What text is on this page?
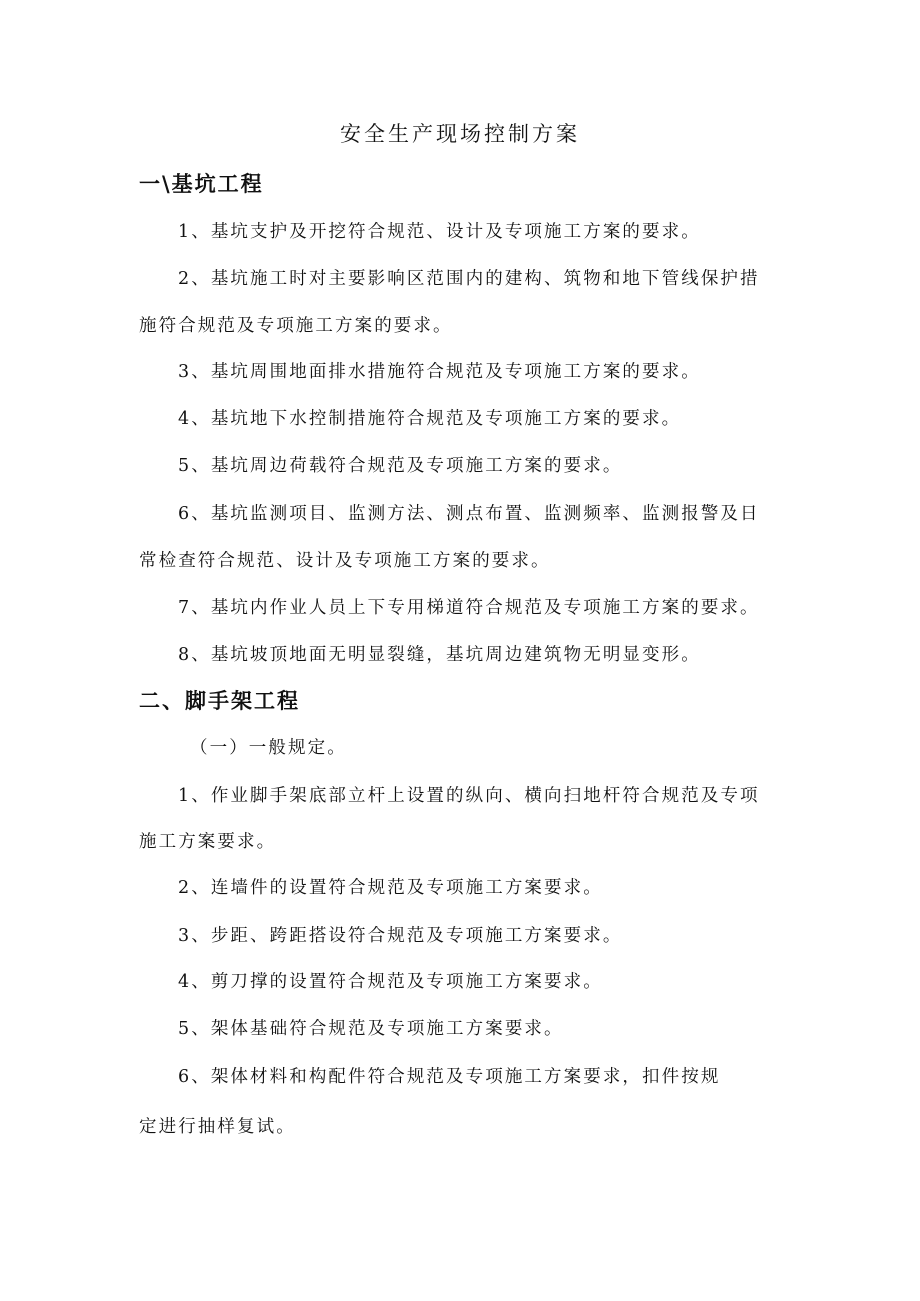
安全生产现场控制方案
一\基坑工程
1、基坑支护及开挖符合规范、设计及专项施工方案的要求。
2、基坑施工时对主要影响区范围内的建构、筑物和地下管线保护措
施符合规范及专项施工方案的要求。
3、基坑周围地面排水措施符合规范及专项施工方案的要求。
4、基坑地下水控制措施符合规范及专项施工方案的要求。
5、基坑周边荷载符合规范及专项施工方案的要求。
6、基坑监测项目、监测方法、测点布置、监测频率、监测报警及日
常检查符合规范、设计及专项施工方案的要求。
7、基坑内作业人员上下专用梯道符合规范及专项施工方案的要求。
8、基坑坡顶地面无明显裂缝，基坑周边建筑物无明显变形。
二、脚手架工程
（一）一般规定。
1、作业脚手架底部立杆上设置的纵向、横向扫地杆符合规范及专项
施工方案要求。
2、连墙件的设置符合规范及专项施工方案要求。
3、步距、跨距搭设符合规范及专项施工方案要求。
4、剪刀撑的设置符合规范及专项施工方案要求。
5、架体基础符合规范及专项施工方案要求。
6、架体材料和构配件符合规范及专项施工方案要求，扣件按规
定进行抽样复试。
